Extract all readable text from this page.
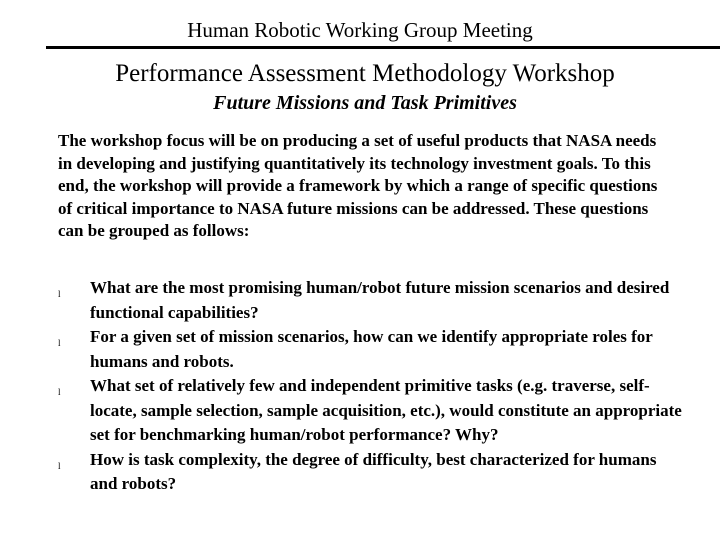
Human Robotic Working Group Meeting
Performance Assessment Methodology Workshop
Future Missions and Task Primitives

The workshop focus will be on producing a set of useful products that NASA needs in developing and justifying quantitatively its technology investment goals. To this end, the workshop will provide a framework by which a range of specific questions of critical importance to NASA future missions can be addressed. These questions can be grouped as follows:

l What are the most promising human/robot future mission scenarios and desired functional capabilities?
l For a given set of mission scenarios, how can we identify appropriate roles for humans and robots.
l What set of relatively few and independent primitive tasks (e.g. traverse, self-locate, sample selection, sample acquisition, etc.), would constitute an appropriate set for benchmarking human/robot performance? Why?
l How is task complexity, the degree of difficulty, best characterized for humans and robots?
